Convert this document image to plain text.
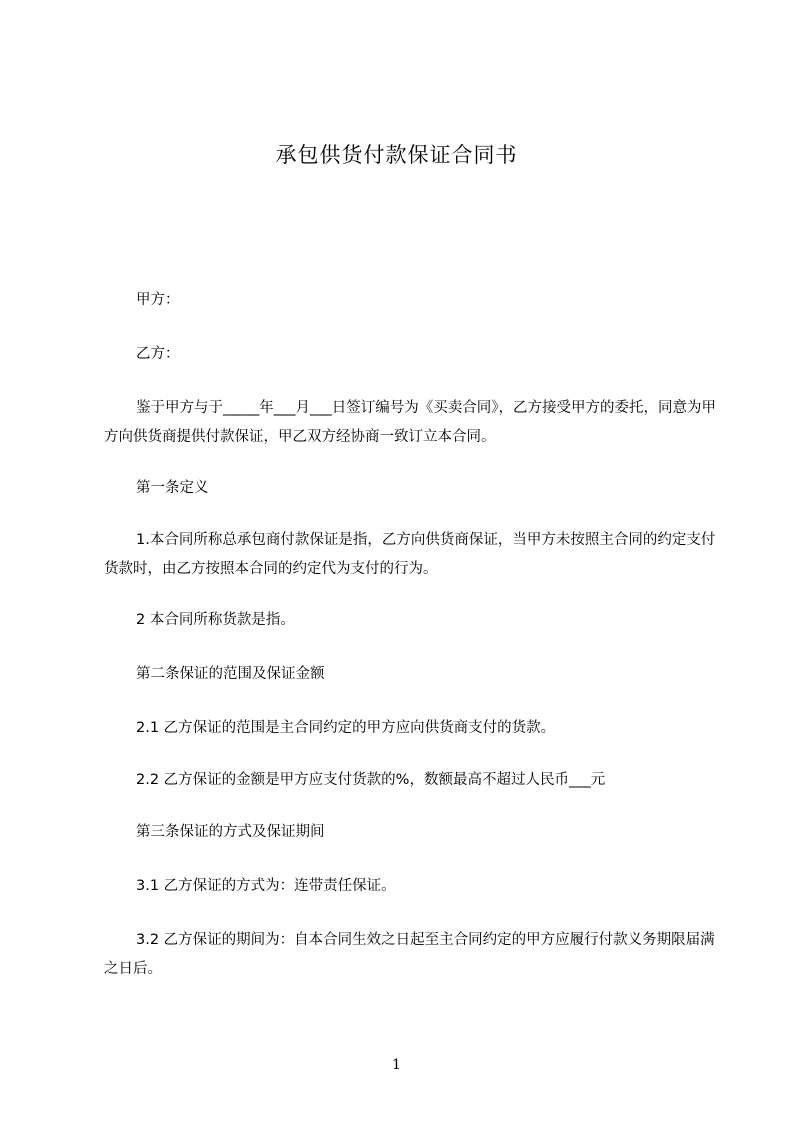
承包供货付款保证合同书

甲方：

乙方：

鉴于甲方与于_____年___月___日签订编号为《买卖合同》，乙方接受甲方的委托，同意为甲方向供货商提供付款保证，甲乙双方经协商一致订立本合同。

第一条定义

1.本合同所称总承包商付款保证是指，乙方向供货商保证，当甲方未按照主合同的约定支付货款时，由乙方按照本合同的约定代为支付的行为。

2 本合同所称货款是指。

第二条保证的范围及保证金额

2.1 乙方保证的范围是主合同约定的甲方应向供货商支付的货款。

2.2 乙方保证的金额是甲方应支付货款的%，数额最高不超过人民币___元

第三条保证的方式及保证期间

3.1 乙方保证的方式为：连带责任保证。

3.2 乙方保证的期间为：自本合同生效之日起至主合同约定的甲方应履行付款义务期限届满之日后。

1
